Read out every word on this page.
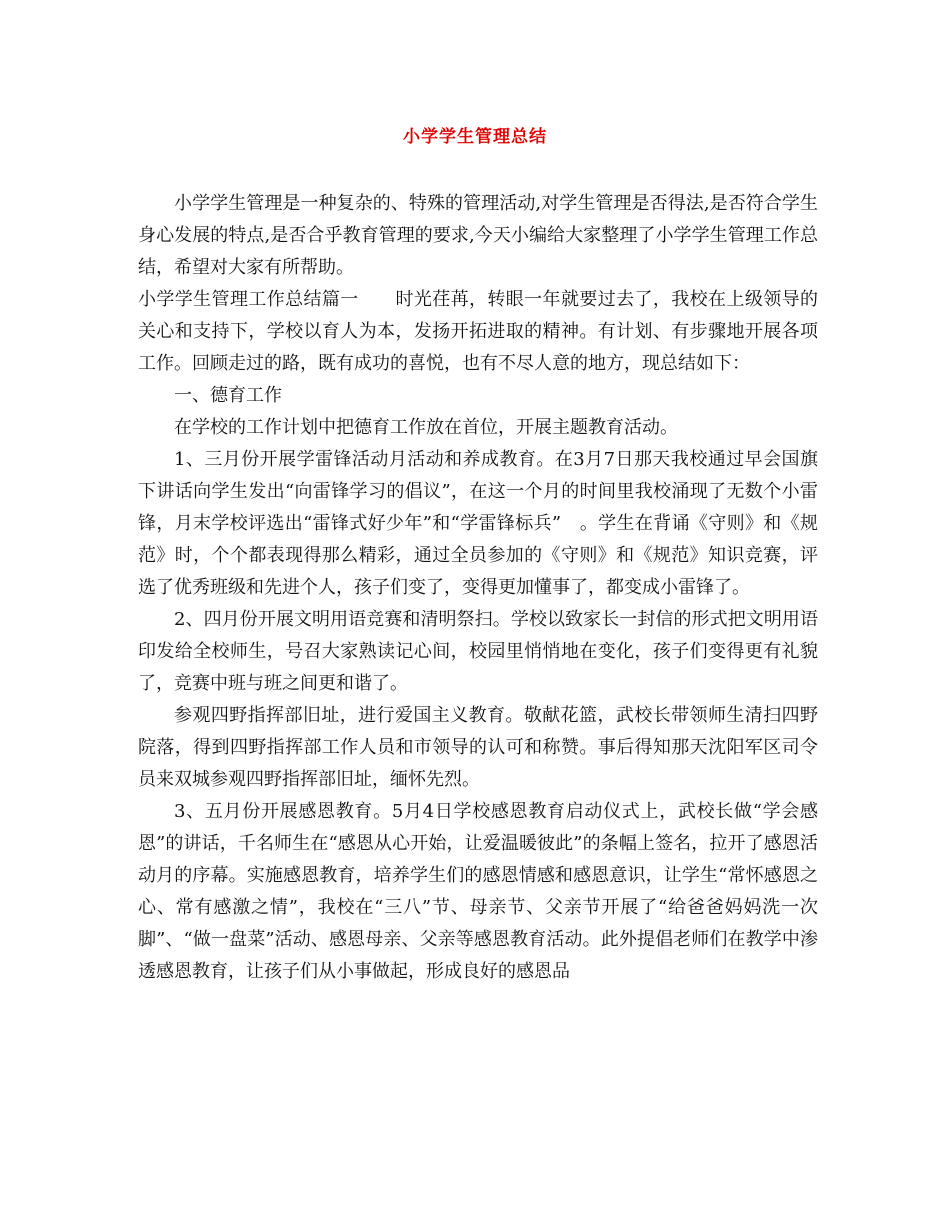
小学学生管理总结

小学学生管理是一种复杂的、特殊的管理活动,对学生管理是否得法,是否符合学生身心发展的特点,是否合乎教育管理的要求,今天小编给大家整理了小学学生管理工作总结，希望对大家有所帮助。

小学学生管理工作总结篇一　　时光荏苒，转眼一年就要过去了，我校在上级领导的关心和支持下，学校以育人为本，发扬开拓进取的精神。有计划、有步骤地开展各项工作。回顾走过的路，既有成功的喜悦，也有不尽人意的地方，现总结如下：

一、德育工作

在学校的工作计划中把德育工作放在首位，开展主题教育活动。

1、三月份开展学雷锋活动月活动和养成教育。在3月7日那天我校通过早会国旗下讲话向学生发出“向雷锋学习的倡议”，在这一个月的时间里我校涌现了无数个小雷锋，月末学校评选出“雷锋式好少年”和“学雷锋标兵”　。学生在背诵《守则》和《规范》时，个个都表现得那么精彩，通过全员参加的《守则》和《规范》知识竞赛，评选了优秀班级和先进个人，孩子们变了，变得更加懂事了，都变成小雷锋了。

2、四月份开展文明用语竞赛和清明祭扫。学校以致家长一封信的形式把文明用语印发给全校师生，号召大家熟读记心间，校园里悄悄地在变化，孩子们变得更有礼貌了，竞赛中班与班之间更和谐了。

参观四野指挥部旧址，进行爱国主义教育。敬献花篮，武校长带领师生清扫四野院落，得到四野指挥部工作人员和市领导的认可和称赞。事后得知那天沈阳军区司令员来双城参观四野指挥部旧址，缅怀先烈。

3、五月份开展感恩教育。5月4日学校感恩教育启动仪式上，武校长做“学会感恩”的讲话，千名师生在“感恩从心开始，让爱温暖彼此”的条幅上签名，拉开了感恩活动月的序幕。实施感恩教育，培养学生们的感恩情感和感恩意识，让学生“常怀感恩之心、常有感激之情”，我校在“三八”节、母亲节、父亲节开展了“给爸爸妈妈洗一次脚”、“做一盘菜”活动、感恩母亲、父亲等感恩教育活动。此外提倡老师们在教学中渗透感恩教育，让孩子们从小事做起，形成良好的感恩品
